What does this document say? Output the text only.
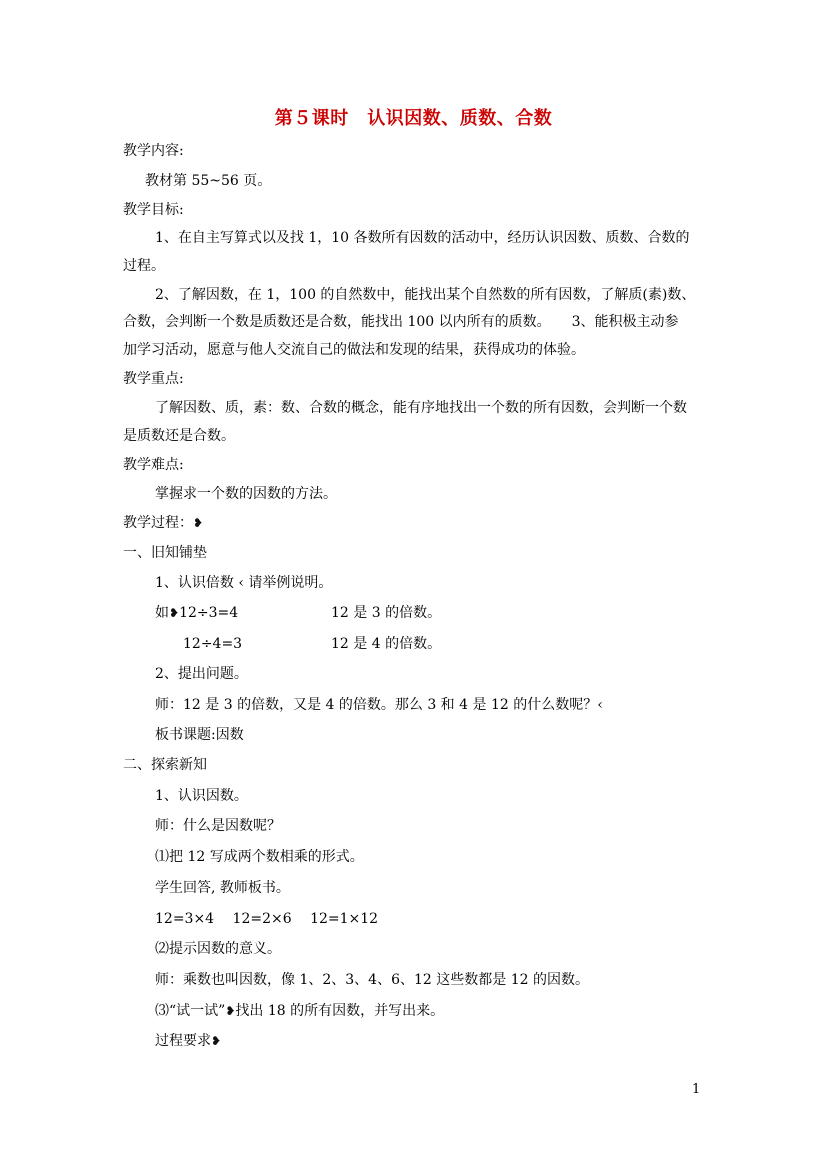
第５课时　认识因数、质数、合数
教学内容:
教材第 55~56 页。
教学目标:
1、在自主写算式以及找 1，10 各数所有因数的活动中，经历认识因数、质数、合数的
过程。
2、了解因数，在 1，100 的自然数中，能找出某个自然数的所有因数，了解质(素)数、
合数，会判断一个数是质数还是合数，能找出 100 以内所有的质数。　　3、能积极主动参
加学习活动，愿意与他人交流自己的做法和发现的结果，获得成功的体验。
教学重点:
了解因数、质，素：数、合数的概念，能有序地找出一个数的所有因数，会判断一个数
是质数还是合数。
教学难点:
掌握求一个数的因数的方法。
教学过程：❥
一、旧知铺垫
1、认识倍数 ‹ 请举例说明。
如❥12÷3=4	12 是 3 的倍数。
12÷4=3	12 是 4 的倍数。
2、提出问题。
师：12 是 3 的倍数，又是 4 的倍数。那么 3 和 4 是 12 的什么数呢？‹
板书课题:因数
二、探索新知
1、认识因数。
师：什么是因数呢？
⑴把 12 写成两个数相乘的形式。
学生回答, 教师板书。
12=3×4　 12=2×6　 12=1×12
⑵提示因数的意义。
师：乘数也叫因数，像 1、2、3、4、6、12 这些数都是 12 的因数。
⑶“试一试”❥找出 18 的所有因数，并写出来。
过程要求❥
1
